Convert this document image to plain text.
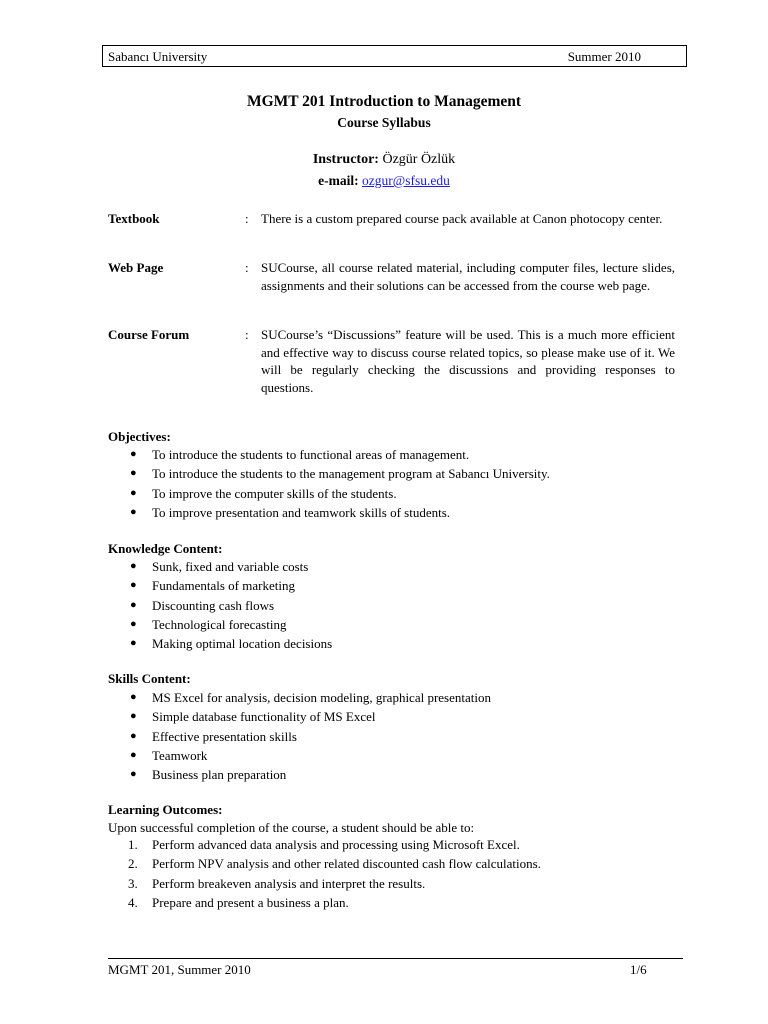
Sabancı University	Summer 2010
MGMT 201 Introduction to Management
Course Syllabus
Instructor: Özgür Özlük
e-mail: ozgur@sfsu.edu
Textbook	: There is a custom prepared course pack available at Canon photocopy center.
Web Page	: SUCourse, all course related material, including computer files, lecture slides, assignments and their solutions can be accessed from the course web page.
Course Forum	: SUCourse’s “Discussions” feature will be used. This is a much more efficient and effective way to discuss course related topics, so please make use of it. We will be regularly checking the discussions and providing responses to questions.
Objectives:
● To introduce the students to functional areas of management.
● To introduce the students to the management program at Sabancı University.
● To improve the computer skills of the students.
● To improve presentation and teamwork skills of students.
Knowledge Content:
● Sunk, fixed and variable costs
● Fundamentals of marketing
● Discounting cash flows
● Technological forecasting
● Making optimal location decisions
Skills Content:
● MS Excel for analysis, decision modeling, graphical presentation
● Simple database functionality of MS Excel
● Effective presentation skills
● Teamwork
● Business plan preparation
Learning Outcomes:
Upon successful completion of the course, a student should be able to:
1. Perform advanced data analysis and processing using Microsoft Excel.
2. Perform NPV analysis and other related discounted cash flow calculations.
3. Perform breakeven analysis and interpret the results.
4. Prepare and present a business a plan.
MGMT 201, Summer 2010	1/6
